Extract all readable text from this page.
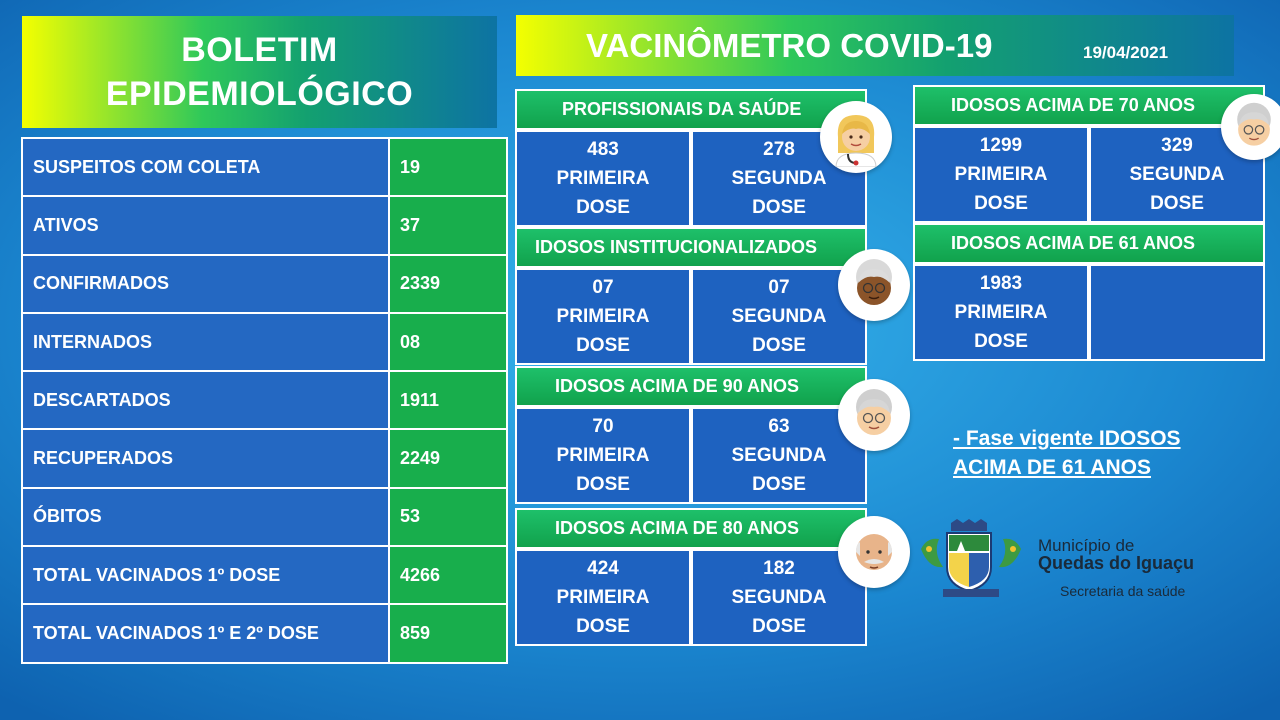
BOLETIM
EPIDEMIOLÓGICO
VACINÔMETRO COVID-19	19/04/2021
SUSPEITOS COM COLETA	19
ATIVOS	37
CONFIRMADOS	2339
INTERNADOS	08
DESCARTADOS	1911
RECUPERADOS	2249
ÓBITOS	53
TOTAL VACINADOS 1º DOSE	4266
TOTAL VACINADOS 1º E 2º DOSE	859
PROFISSIONAIS DA SAÚDE
483
PRIMEIRA
DOSE
278
SEGUNDA
DOSE
IDOSOS INSTITUCIONALIZADOS
07
PRIMEIRA
DOSE
07
SEGUNDA
DOSE
IDOSOS ACIMA DE 90 ANOS
70
PRIMEIRA
DOSE
63
SEGUNDA
DOSE
IDOSOS ACIMA DE 80 ANOS
424
PRIMEIRA
DOSE
182
SEGUNDA
DOSE
IDOSOS ACIMA DE 70 ANOS
1299
PRIMEIRA
DOSE
329
SEGUNDA
DOSE
IDOSOS ACIMA DE 61 ANOS
1983
PRIMEIRA
DOSE
- Fase vigente IDOSOS
ACIMA DE 61 ANOS
Município de
Quedas do Iguaçu
Secretaria da saúde
